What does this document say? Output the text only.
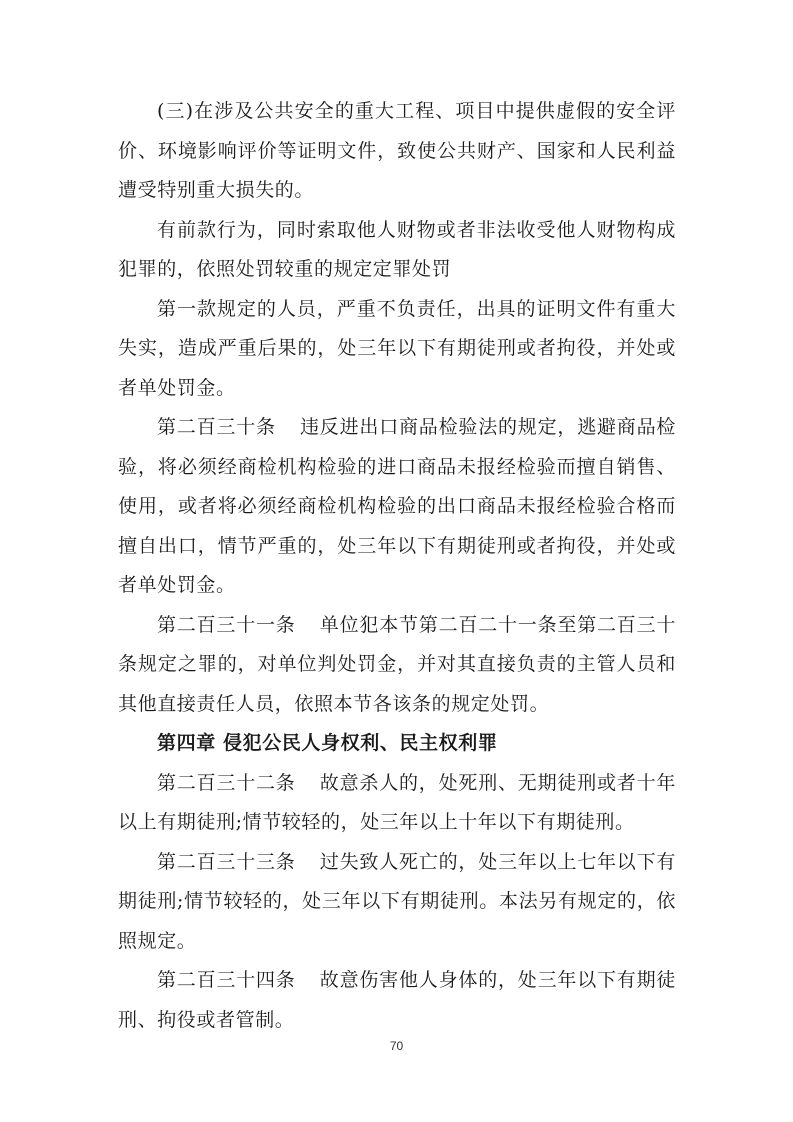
(三)在涉及公共安全的重大工程、项目中提供虚假的安全评价、环境影响评价等证明文件，致使公共财产、国家和人民利益遭受特别重大损失的。

有前款行为，同时索取他人财物或者非法收受他人财物构成犯罪的，依照处罚较重的规定定罪处罚

第一款规定的人员，严重不负责任，出具的证明文件有重大失实，造成严重后果的，处三年以下有期徒刑或者拘役，并处或者单处罚金。

第二百三十条 违反进出口商品检验法的规定，逃避商品检验，将必须经商检机构检验的进口商品未报经检验而擅自销售、使用，或者将必须经商检机构检验的出口商品未报经检验合格而擅自出口，情节严重的，处三年以下有期徒刑或者拘役，并处或者单处罚金。

第二百三十一条 单位犯本节第二百二十一条至第二百三十条规定之罪的，对单位判处罚金，并对其直接负责的主管人员和其他直接责任人员，依照本节各该条的规定处罚。

第四章 侵犯公民人身权利、民主权利罪

第二百三十二条 故意杀人的，处死刑、无期徒刑或者十年以上有期徒刑;情节较轻的，处三年以上十年以下有期徒刑。

第二百三十三条 过失致人死亡的，处三年以上七年以下有期徒刑;情节较轻的，处三年以下有期徒刑。本法另有规定的，依照规定。

第二百三十四条 故意伤害他人身体的，处三年以下有期徒刑、拘役或者管制。

70
